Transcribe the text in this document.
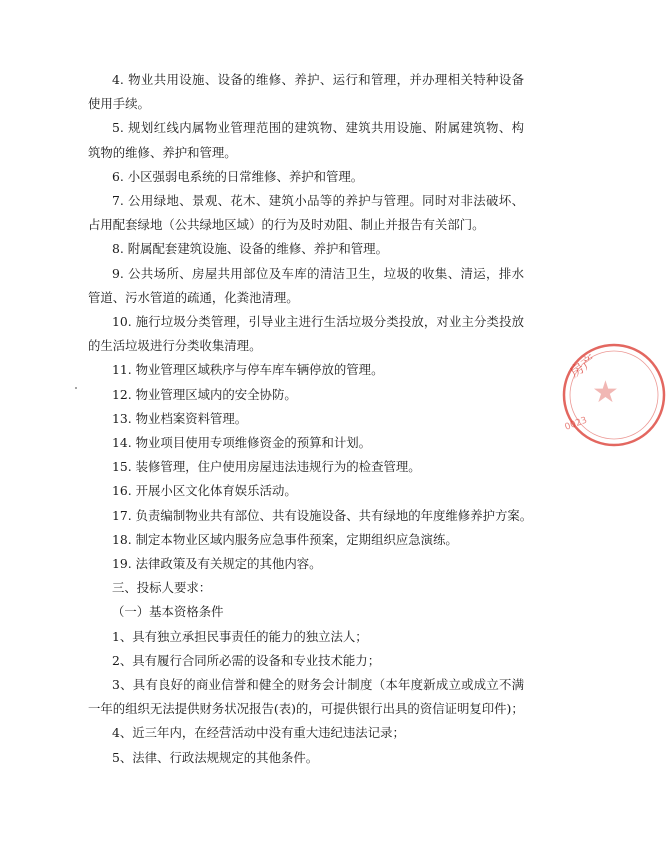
4. 物业共用设施、设备的维修、养护、运行和管理，并办理相关特种设备使用手续。

5. 规划红线内属物业管理范围的建筑物、建筑共用设施、附属建筑物、构筑物的维修、养护和管理。

6. 小区强弱电系统的日常维修、养护和管理。

7. 公用绿地、景观、花木、建筑小品等的养护与管理。同时对非法破坏、占用配套绿地（公共绿地区域）的行为及时劝阻、制止并报告有关部门。

8. 附属配套建筑设施、设备的维修、养护和管理。

9. 公共场所、房屋共用部位及车库的清洁卫生，垃圾的收集、清运，排水管道、污水管道的疏通，化粪池清理。

10. 施行垃圾分类管理，引导业主进行生活垃圾分类投放，对业主分类投放的生活垃圾进行分类收集清理。

11. 物业管理区域秩序与停车库车辆停放的管理。

12. 物业管理区域内的安全协防。

13. 物业档案资料管理。

14. 物业项目使用专项维修资金的预算和计划。

15. 装修管理，住户使用房屋违法违规行为的检查管理。

16. 开展小区文化体育娱乐活动。

17. 负责编制物业共有部位、共有设施设备、共有绿地的年度维修养护方案。

18. 制定本物业区域内服务应急事件预案，定期组织应急演练。

19. 法律政策及有关规定的其他内容。

三、投标人要求：

（一）基本资格条件

1、具有独立承担民事责任的能力的独立法人；

2、具有履行合同所必需的设备和专业技术能力；

3、具有良好的商业信誉和健全的财务会计制度（本年度新成立或成立不满一年的组织无法提供财务状况报告(表)的，可提供银行出具的资信证明复印件)；

4、近三年内，在经营活动中没有重大违纪违法记录；

5、法律、行政法规规定的其他条件。

房产
0023
★
